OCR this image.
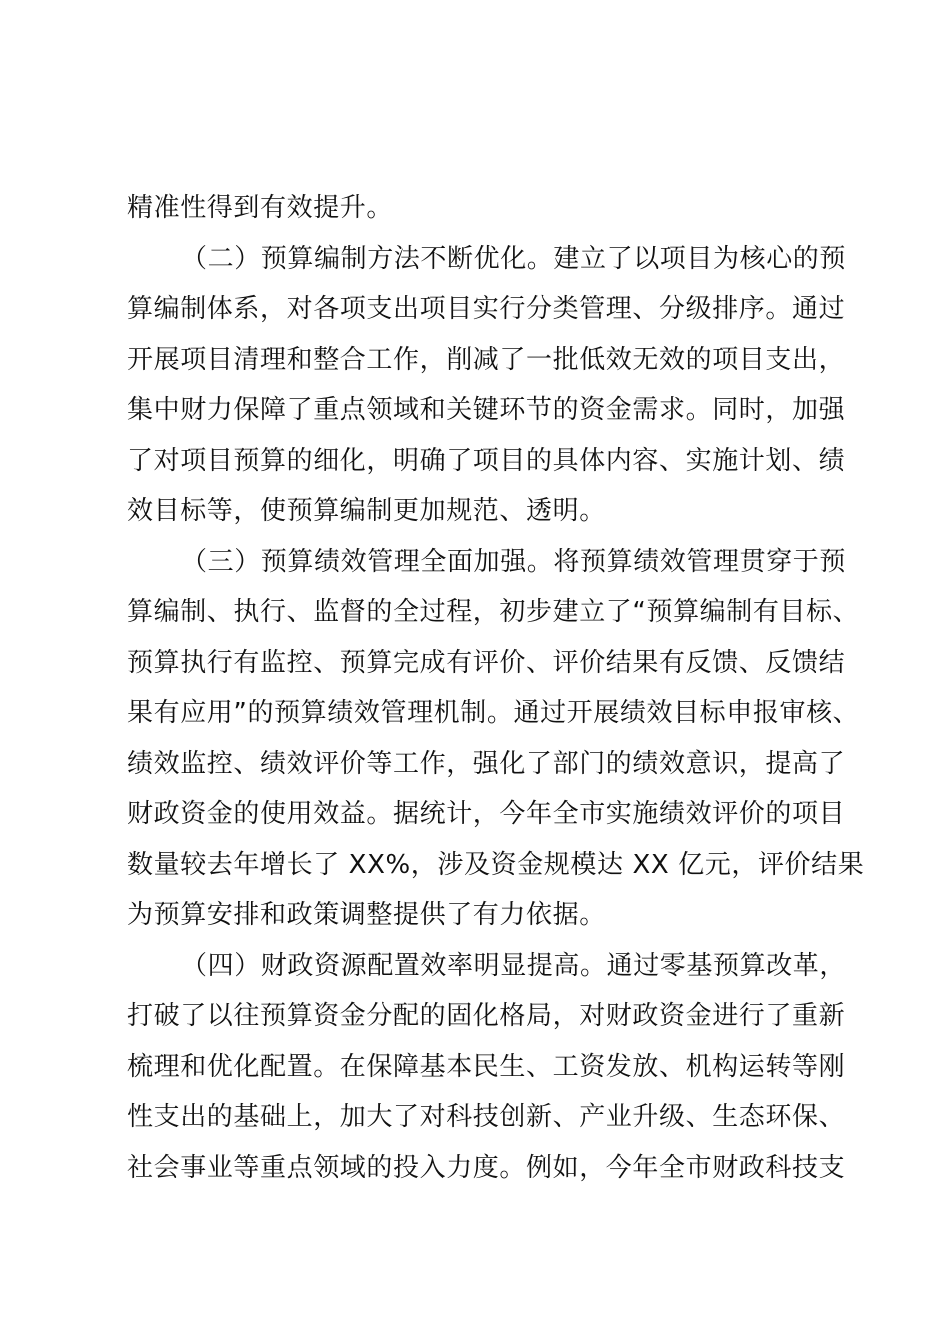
精准性得到有效提升。
（二）预算编制方法不断优化。建立了以项目为核心的预
算编制体系，对各项支出项目实行分类管理、分级排序。通过
开展项目清理和整合工作，削减了一批低效无效的项目支出，
集中财力保障了重点领域和关键环节的资金需求。同时，加强
了对项目预算的细化，明确了项目的具体内容、实施计划、绩
效目标等，使预算编制更加规范、透明。
（三）预算绩效管理全面加强。将预算绩效管理贯穿于预
算编制、执行、监督的全过程，初步建立了“预算编制有目标、
预算执行有监控、预算完成有评价、评价结果有反馈、反馈结
果有应用”的预算绩效管理机制。通过开展绩效目标申报审核、
绩效监控、绩效评价等工作，强化了部门的绩效意识，提高了
财政资金的使用效益。据统计，今年全市实施绩效评价的项目
数量较去年增长了 XX%，涉及资金规模达 XX 亿元，评价结果
为预算安排和政策调整提供了有力依据。
（四）财政资源配置效率明显提高。通过零基预算改革，
打破了以往预算资金分配的固化格局，对财政资金进行了重新
梳理和优化配置。在保障基本民生、工资发放、机构运转等刚
性支出的基础上，加大了对科技创新、产业升级、生态环保、
社会事业等重点领域的投入力度。例如，今年全市财政科技支
